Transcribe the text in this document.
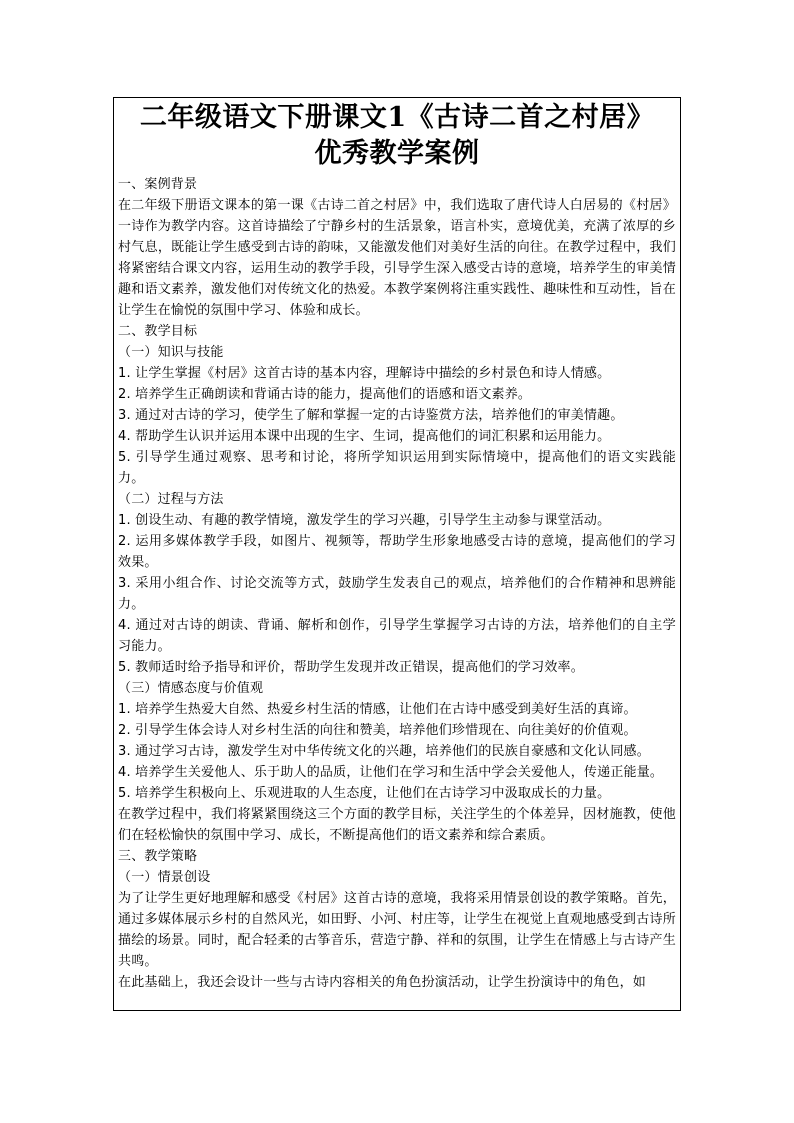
二年级语文下册课文1《古诗二首之村居》
优秀教学案例

一、案例背景

在二年级下册语文课本的第一课《古诗二首之村居》中，我们选取了唐代诗人白居易的《村居》一诗作为教学内容。这首诗描绘了宁静乡村的生活景象，语言朴实，意境优美，充满了浓厚的乡村气息，既能让学生感受到古诗的韵味，又能激发他们对美好生活的向往。在教学过程中，我们将紧密结合课文内容，运用生动的教学手段，引导学生深入感受古诗的意境，培养学生的审美情趣和语文素养，激发他们对传统文化的热爱。本教学案例将注重实践性、趣味性和互动性，旨在让学生在愉悦的氛围中学习、体验和成长。

二、教学目标

（一）知识与技能

1. 让学生掌握《村居》这首古诗的基本内容，理解诗中描绘的乡村景色和诗人情感。

2. 培养学生正确朗读和背诵古诗的能力，提高他们的语感和语文素养。

3. 通过对古诗的学习，使学生了解和掌握一定的古诗鉴赏方法，培养他们的审美情趣。

4. 帮助学生认识并运用本课中出现的生字、生词，提高他们的词汇积累和运用能力。

5. 引导学生通过观察、思考和讨论，将所学知识运用到实际情境中，提高他们的语文实践能力。

（二）过程与方法

1. 创设生动、有趣的教学情境，激发学生的学习兴趣，引导学生主动参与课堂活动。

2. 运用多媒体教学手段，如图片、视频等，帮助学生形象地感受古诗的意境，提高他们的学习效果。

3. 采用小组合作、讨论交流等方式，鼓励学生发表自己的观点，培养他们的合作精神和思辨能力。

4. 通过对古诗的朗读、背诵、解析和创作，引导学生掌握学习古诗的方法，培养他们的自主学习能力。

5. 教师适时给予指导和评价，帮助学生发现并改正错误，提高他们的学习效率。

（三）情感态度与价值观

1. 培养学生热爱大自然、热爱乡村生活的情感，让他们在古诗中感受到美好生活的真谛。

2. 引导学生体会诗人对乡村生活的向往和赞美，培养他们珍惜现在、向往美好的价值观。

3. 通过学习古诗，激发学生对中华传统文化的兴趣，培养他们的民族自豪感和文化认同感。

4. 培养学生关爱他人、乐于助人的品质，让他们在学习和生活中学会关爱他人，传递正能量。

5. 培养学生积极向上、乐观进取的人生态度，让他们在古诗学习中汲取成长的力量。

在教学过程中，我们将紧紧围绕这三个方面的教学目标，关注学生的个体差异，因材施教，使他们在轻松愉快的氛围中学习、成长，不断提高他们的语文素养和综合素质。

三、教学策略

（一）情景创设

为了让学生更好地理解和感受《村居》这首古诗的意境，我将采用情景创设的教学策略。首先，通过多媒体展示乡村的自然风光，如田野、小河、村庄等，让学生在视觉上直观地感受到古诗所描绘的场景。同时，配合轻柔的古筝音乐，营造宁静、祥和的氛围，让学生在情感上与古诗产生共鸣。

在此基础上，我还会设计一些与古诗内容相关的角色扮演活动，让学生扮演诗中的角色，如
